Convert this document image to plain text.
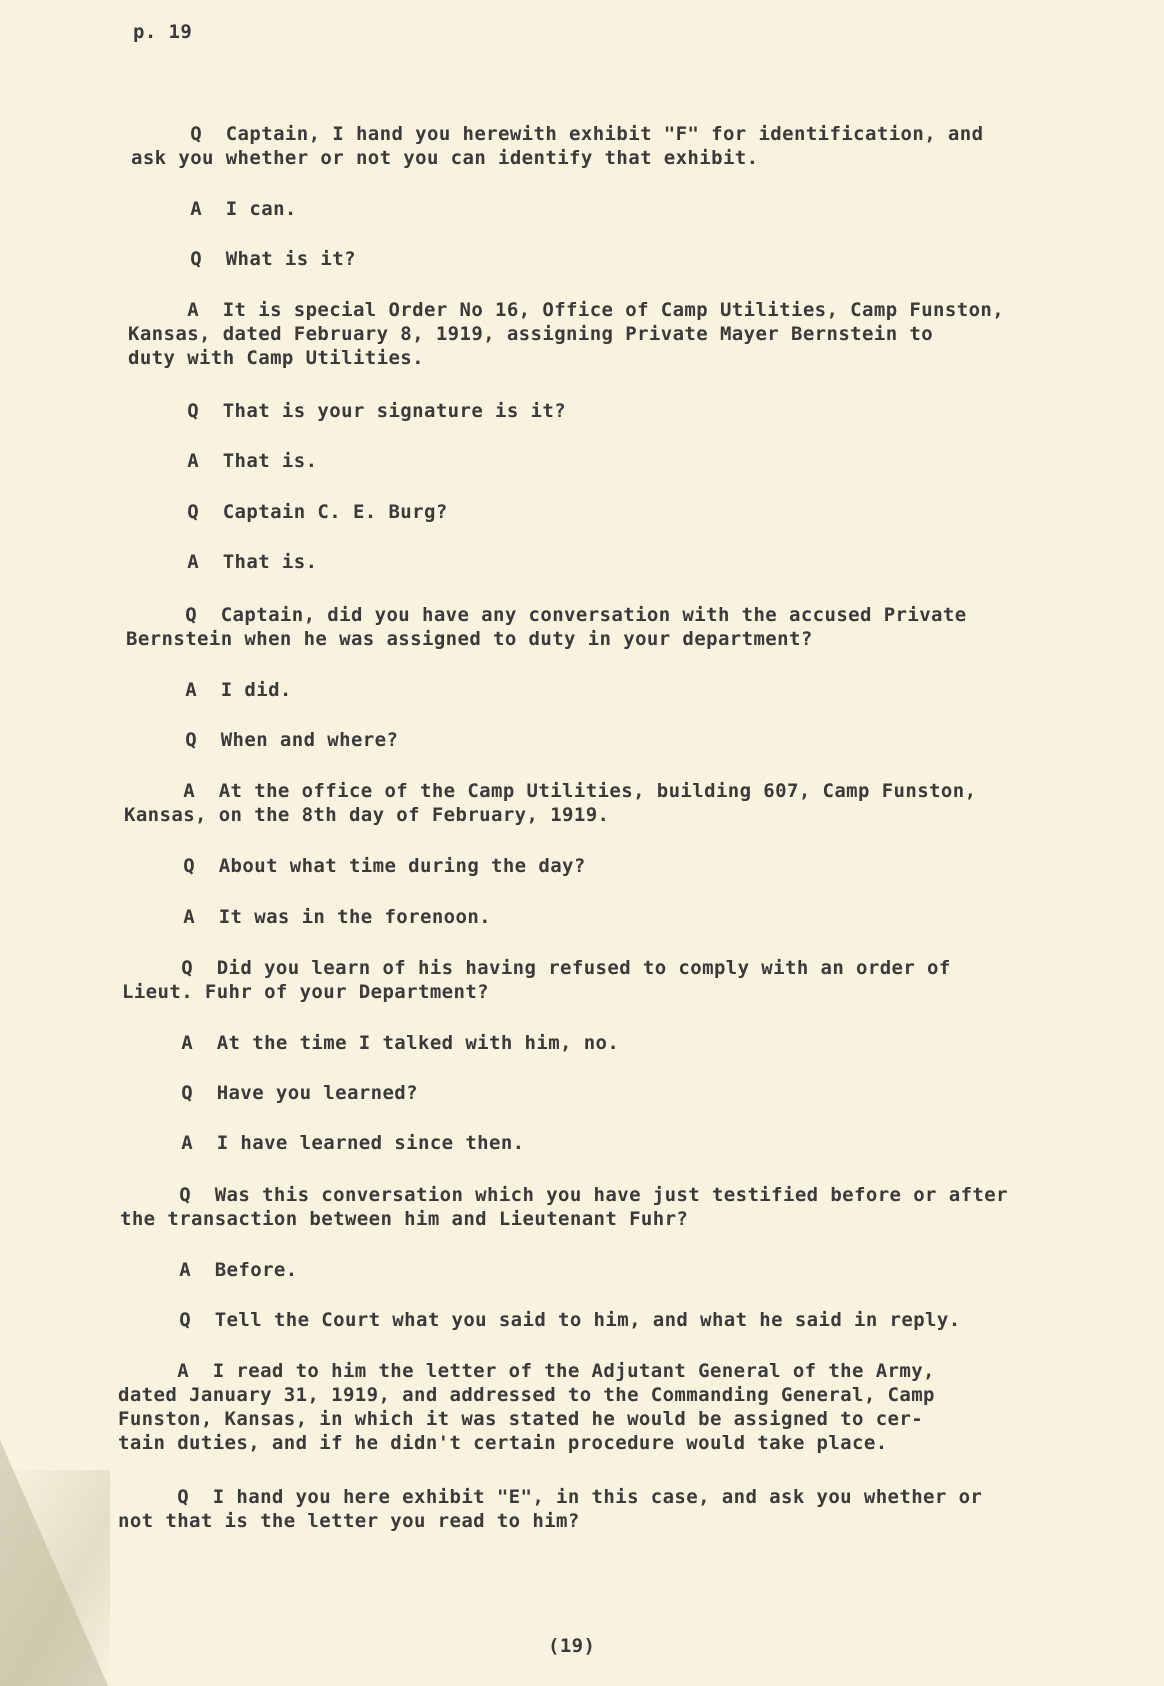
p. 19

Q  Captain, I hand you herewith exhibit "F" for identification, and
ask you whether or not you can identify that exhibit.

A  I can.

Q  What is it?

A  It is special Order No 16, Office of Camp Utilities, Camp Funston,
Kansas, dated February 8, 1919, assigning Private Mayer Bernstein to
duty with Camp Utilities.

Q  That is your signature is it?

A  That is.

Q  Captain C. E. Burg?

A  That is.

Q  Captain, did you have any conversation with the accused Private
Bernstein when he was assigned to duty in your department?

A  I did.

Q  When and where?

A  At the office of the Camp Utilities, building 607, Camp Funston,
Kansas, on the 8th day of February, 1919.

Q  About what time during the day?

A  It was in the forenoon.

Q  Did you learn of his having refused to comply with an order of
Lieut. Fuhr of your Department?

A  At the time I talked with him, no.

Q  Have you learned?

A  I have learned since then.

Q  Was this conversation which you have just testified before or after
the transaction between him and Lieutenant Fuhr?

A  Before.

Q  Tell the Court what you said to him, and what he said in reply.

A  I read to him the letter of the Adjutant General of the Army,
dated January 31, 1919, and addressed to the Commanding General, Camp
Funston, Kansas, in which it was stated he would be assigned to cer-
tain duties, and if he didn't certain procedure would take place.

Q  I hand you here exhibit "E", in this case, and ask you whether or
not that is the letter you read to him?

(19)
